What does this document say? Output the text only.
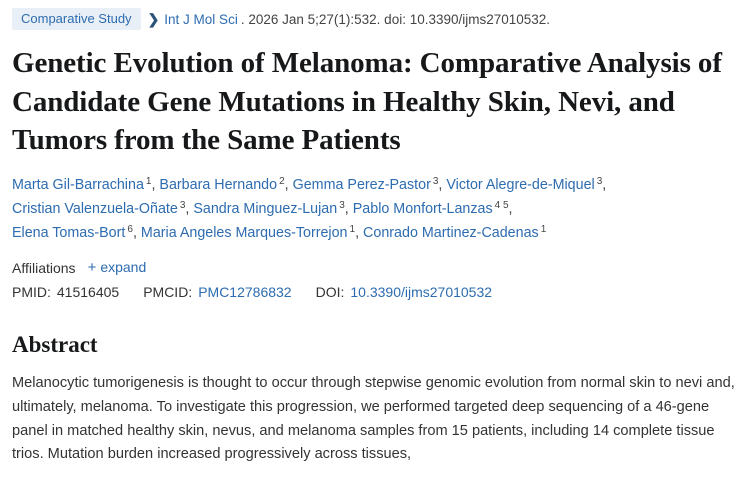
Comparative Study	❯ Int J Mol Sci . 2026 Jan 5;27(1):532. doi: 10.3390/ijms27010532.
Genetic Evolution of Melanoma: Comparative Analysis of Candidate Gene Mutations in Healthy Skin, Nevi, and Tumors from the Same Patients
Marta Gil-Barrachina $^1$, Barbara Hernando $^2$, Gemma Perez-Pastor $^3$, Victor Alegre-de-Miquel $^3$,
Cristian Valenzuela-Oñate $^3$, Sandra Minguez-Lujan $^3$, Pablo Monfort-Lanzas $^{4 5}$,
Elena Tomas-Bort $^6$, Maria Angeles Marques-Torrejon $^1$, Conrado Martinez-Cadenas $^1$
Affiliations + expand
PMID: 41516405 PMCID: PMC12786832 DOI: 10.3390/ijms27010532
Abstract

Melanocytic tumorigenesis is thought to occur through stepwise genomic evolution from normal skin to nevi and, ultimately, melanoma. To investigate this progression, we performed targeted deep sequencing of a 46-gene panel in matched healthy skin, nevus, and melanoma samples from 15 patients, including 14 complete tissue trios. Mutation burden increased progressively across tissues,
